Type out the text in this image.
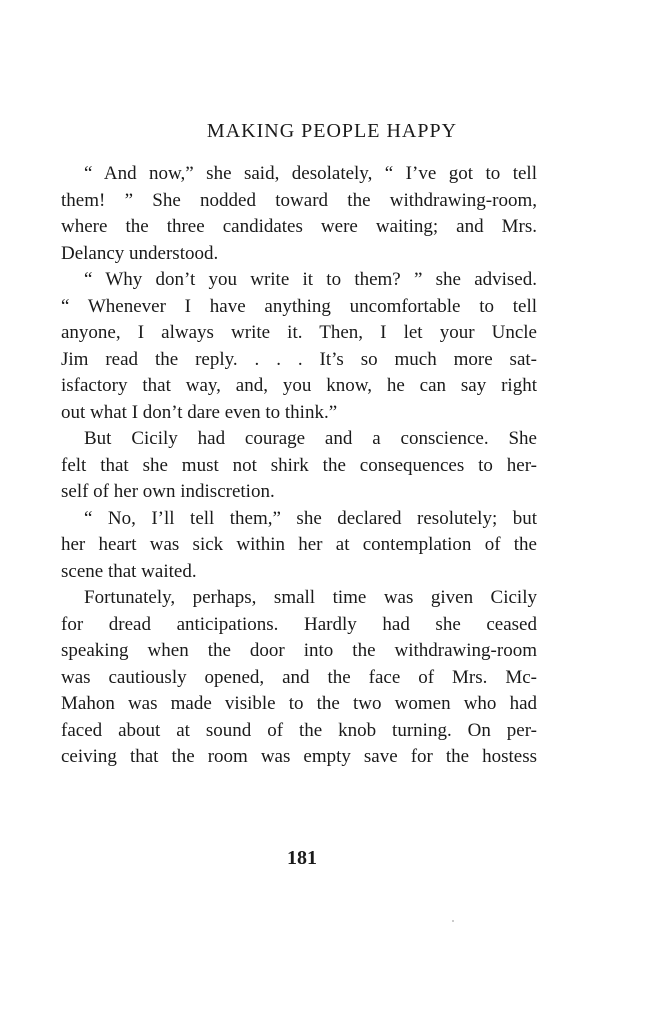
MAKING PEOPLE HAPPY
“ And now,” she said, desolately, “ I’ve got to tell
them! ” She nodded toward the withdrawing-room,
where the three candidates were waiting; and Mrs.
Delancy understood.
“ Why don’t you write it to them? ” she advised.
“ Whenever I have anything uncomfortable to tell
anyone, I always write it. Then, I let your Uncle
Jim read the reply. . . . It’s so much more sat-
isfactory that way, and, you know, he can say right
out what I don’t dare even to think.”
But Cicily had courage and a conscience. She
felt that she must not shirk the consequences to her-
self of her own indiscretion.
“ No, I’ll tell them,” she declared resolutely; but
her heart was sick within her at contemplation of the
scene that waited.
Fortunately, perhaps, small time was given Cicily
for dread anticipations. Hardly had she ceased
speaking when the door into the withdrawing-room
was cautiously opened, and the face of Mrs. Mc-
Mahon was made visible to the two women who had
faced about at sound of the knob turning. On per-
ceiving that the room was empty save for the hostess
181
